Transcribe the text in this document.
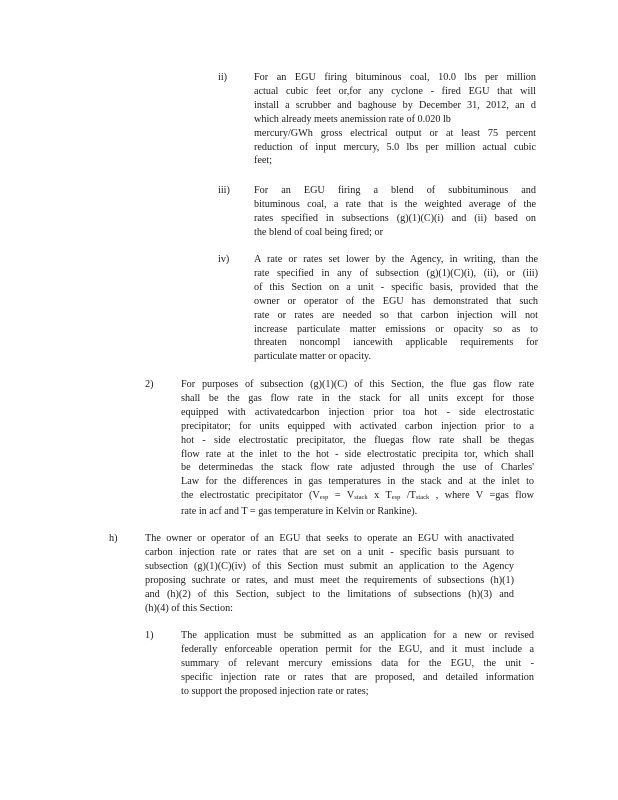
ii)	For an EGU firing bituminous coal, 10.0 lbs per million
actual cubic feet or,for any cyclone - fired EGU that will
install a scrubber and baghouse by December 31, 2012, an d
which already meets anemission rate of 0.020 lb
mercury/GWh gross electrical output or at least 75 percent
reduction of input mercury, 5.0 lbs per million actual cubic
feet;
iii) For an EGU firing a blend of subbituminous and
bituminous coal, a rate that is the weighted average of the
rates specified in subsections (g)(1)(C)(i) and (ii) based on
the blend of coal being fired; or
iv) A rate or rates set lower by the Agency, in writing, than the
rate specified in any of subsection (g)(1)(C)(i), (ii), or (iii)
of this Section on a unit - specific basis, provided that the
owner or operator of the EGU has demonstrated that such
rate or rates are needed so that carbon injection will not
increase particulate matter emissions or opacity so as to
threaten noncompl iancewith applicable requirements for
particulate matter or opacity.
2)	For purposes of subsection (g)(1)(C) of this Section, the flue gas flow rate
shall be the gas flow rate in the stack for all units except for those
equipped with activatedcarbon injection prior toa hot - side electrostatic
precipitator; for units equipped with activated carbon injection prior to a
hot - side electrostatic precipitator, the fluegas flow rate shall be thegas
flow rate at the inlet to the hot - side electrostatic precipita tor, which shall
be determinedas the stack flow rate adjusted through the use of Charles'
Law for the differences in gas temperatures in the stack and at the inlet to
the electrostatic precipitator ($V_{esp} = V_{stack}$ x $T_{esp}$ $/T_{stack}$ , where V =gas flow
rate in acf and T = gas temperature in Kelvin or Rankine).
h)	The owner or operator of an EGU that seeks to operate an EGU with anactivated
carbon injection rate or rates that are set on a unit - specific basis pursuant to
subsection (g)(1)(C)(iv) of this Section must submit an application to the Agency
proposing suchrate or rates, and must meet the requirements of subsections (h)(1)
and (h)(2) of this Section, subject to the limitations of subsections (h)(3) and
(h)(4) of this Section:
1)	The application must be submitted as an application for a new or revised
federally enforceable operation permit for the EGU, and it must include a
summary of relevant mercury emissions data for the EGU, the unit -
specific injection rate or rates that are proposed, and detailed information
to support the proposed injection rate or rates;
